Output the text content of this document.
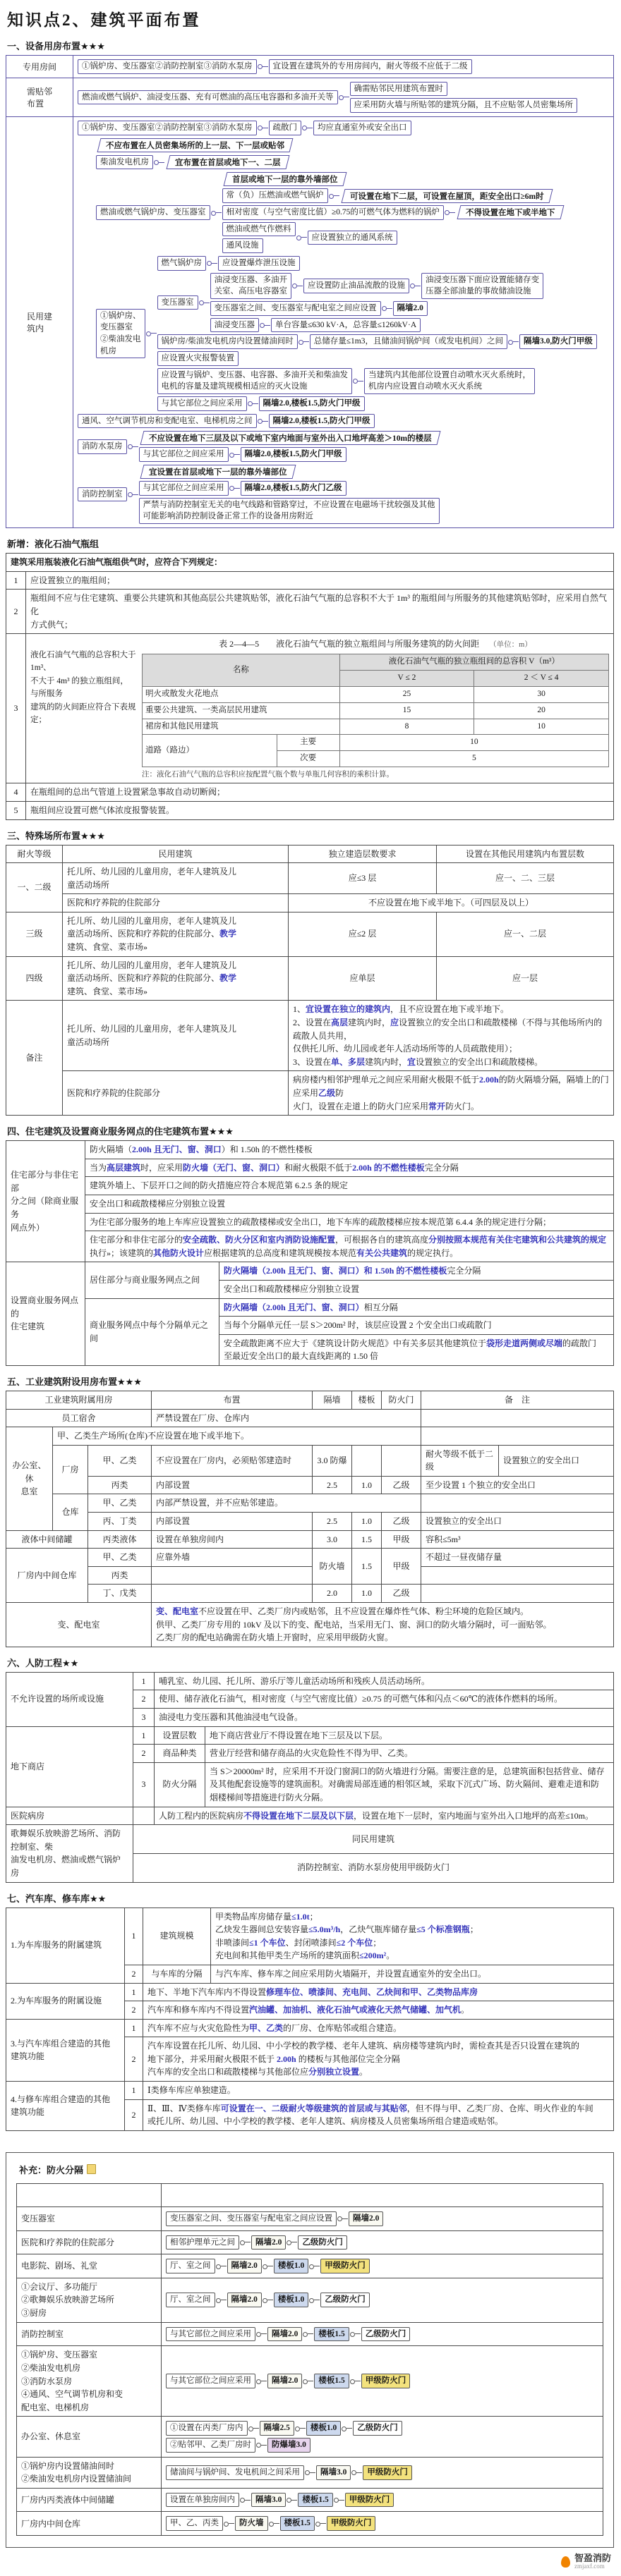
知识点2、建筑平面布置
一、设备用房布置★★★
专用房间	①锅炉房、变压器室②消防控制室③消防水泵房	宜设置在建筑外的专用房间内，耐火等级不应低于二级
需贴邻
布置
燃油或燃气锅炉、油浸变压器、充有可燃油的高压电容器和多油开关等
确需贴邻民用建筑布置时
应采用防火墙与所贴邻的建筑分隔，且不应贴邻人员密集场所
民用建
筑内
①锅炉房、变压器室②消防控制室③消防水泵房	疏散门	均应直通室外或安全出口
不应布置在人员密集场所的上一层、下一层或贴邻
柴油发电机房	宜布置在首层或地下一、二层
燃油或燃气锅炉房、变压器室
首层或地下一层的靠外墙部位
常（负）压燃油或燃气锅炉	可设置在地下二层，可设置在屋顶，距安全出口≥6m时
相对密度（与空气密度比值）≥0.75的可燃气体为燃料的锅炉	不得设置在地下或半地下
燃油或燃气作燃料
通风设施
应设置独立的通风系统
①锅炉房、
变压器室
②柴油发电
机房
燃气锅炉房	应设置爆炸泄压设施
变压器室
油浸变压器、多油开
关室、高压电容器室
应设置防止油品流散的设施
油浸变压器下面应设置能储存变
压器全部油量的事故储油设施
变压器室之间、变压器室与配电室之间应设置	隔墙2.0
油浸变压器	单台容量≤630 kV·A，总容量≤1260kV·A
锅炉房/柴油发电机房内设置储油间时	总储存量≤1m3，且储油间锅炉间（或发电机间）之间	隔墙3.0,防火门甲级
应设置火灾报警装置
应设置与锅炉、变压器、电容器、多油开关和柴油发
电机的容量及建筑规模相适应的灭火设施
当建筑内其他部位设置自动喷水灭火系统时，
机房内应设置自动喷水灭火系统
与其它部位之间应采用	隔墙2.0,楼板1.5,防火门甲级
通风、空气调节机房和变配电室、电梯机房之间	隔墙2.0,楼板1.5,防火门甲级
消防水泵房
不应设置在地下三层及以下或地下室内地面与室外出入口地坪高差＞10m的楼层
与其它部位之间应采用	隔墙2.0,楼板1.5,防火门甲级
消防控制室
宜设置在首层或地下一层的靠外墙部位
与其它部位之间应采用	隔墙2.0,楼板1.5,防火门乙级
严禁与消防控制室无关的电气线路和管路穿过，不应设置在电磁场干扰较强及其他
可能影响消防控制设备正常工作的设备用房附近
新增：液化石油气瓶组
建筑采用瓶装液化石油气瓶组供气时，应符合下列规定：
1	应设置独立的瓶组间；
2	瓶组间不应与住宅建筑、重要公共建筑和其他高层公共建筑贴邻，液化石油气气瓶的总容积不大于 1m³ 的瓶组间与所服务的其他建筑贴邻时，应采用自然气化
方式供气；
3	
液化石油气气瓶的总容积大于 1m³、
不大于 4m³ 的独立瓶组间，与所服务
建筑的防火间距应符合下表规定；
表 2—4—5　　液化石油气气瓶的独立瓶组间与所服务建筑的防火间距 （单位：m）
名称	液化石油气气瓶的独立瓶组间的总容积 V（m³）
V ≤ 2	2 ＜ V ≤ 4
明火或散发火花地点	25	30
重要公共建筑、一类高层民用建筑	15	20
裙房和其他民用建筑	8	10
道路（路边）	主要	10
次要	5
注：液化石油气气瓶的总容积应按配置气瓶个数与单瓶几何容积的乘积计算。

4	在瓶组间的总出气管道上设置紧急事故自动切断阀；
5	瓶组间应设置可燃气体浓度报警装置。
三、特殊场所布置★★★
耐火等级	民用建筑	独立建造层数要求	设置在其他民用建筑内布置层数
一、二级	托儿所、幼儿园的儿童用房，老年人建筑及儿
童活动场所	应≤3 层	应一、二、三层
	医院和疗养院的住院部分	不应设置在地下或半地下。（可四层及以上）	
三级	托儿所、幼儿园的儿童用房，老年人建筑及儿
童活动场所、医院和疗养院的住院部分、教学
建筑、食堂、菜市场»	应≤2 层	应一、二层
四级	托儿所、幼儿园的儿童用房，老年人建筑及儿
童活动场所、医院和疗养院的住院部分、教学
建筑、食堂、菜市场»	应单层	应一层
备注	托儿所、幼儿园的儿童用房，老年人建筑及儿
童活动场所	1、宜设置在独立的建筑内，且不应设置在地下或半地下。
2、设置在高层建筑内时，应设置独立的安全出口和疏散楼梯（不得与其他场所内的疏散人员共用，
仅供托儿所、幼儿园或老年人活动场所等的人员疏散使用）；
3、设置在单、多层建筑内时，宜设置独立的安全出口和疏散楼梯。	
	医院和疗养院的住院部分	病房楼内相邻护理单元之间应采用耐火极限不低于2.00h的防火隔墙分隔，隔墙上的门应采用乙级防
火门，设置在走道上的防火门应采用常开防火门。	
四、住宅建筑及设置商业服务网点的住宅建筑布置★★★
住宅部分与非住宅部
分之间（除商业服务
网点外）	防火隔墙（2.00h 且无门、窗、洞口）和 1.50h 的不燃性楼板	
	当为高层建筑时，应采用防火墙（无门、窗、洞口）和耐火极限不低于2.00h 的不燃性楼板完全分隔	
	建筑外墙上、下层开口之间的防火措施应符合本规范第 6.2.5 条的规定	
	安全出口和疏散楼梯应分别独立设置	
	为住宅部分服务的地上车库应设置独立的疏散楼梯或安全出口，地下车库的疏散楼梯应按本规范第 6.4.4 条的规定进行分隔；	
	住宅部分和非住宅部分的安全疏散、防火分区和室内消防设施配置，可根据各自的建筑高度分别按照本规范有关住宅建筑和公共建筑的规定
执行»；该建筑的其他防火设计应根据建筑的总高度和建筑规模按本规范有关公共建筑的规定执行。	
设置商业服务网点的
住宅建筑	居住部分与商业服务网点之间	防火隔墙（2.00h 且无门、窗、洞口）和 1.50h 的不燃性楼板完全分隔
		安全出口和疏散楼梯应分别独立设置
	商业服务网点中每个分隔单元之间	防火隔墙（2.00h 且无门、窗、洞口）相互分隔
		当每个分隔单元任一层 S＞200m² 时，该层应设置 2 个安全出口或疏散门
		安全疏散距离不应大于《建筑设计防火规范》中有关多层其他建筑位于袋形走道两侧或尽端的疏散门
至最近安全出口的最大直线距离的 1.50 倍
五、工业建筑附设用房布置★★★
工业建筑附属用房			布置	隔墙	楼板	防火门	备　注	
员工宿舍			严禁设置在厂房、仓库内					
办公室、休
息室	甲、乙类生产场所(仓库)不应设置在地下或半地下。							
	厂房	甲、乙类	不应设置在厂房内，必须贴邻建造时	3.0 防爆			耐火等级不低于二级	设置独立的安全出口
		丙类	内部设置	2.5	1.0	乙级	至少设置 1 个独立的安全出口	
	仓库	甲、乙类	内部严禁设置，并不应贴邻建造。					
		丙、丁类	内部设置	2.5	1.0	乙级	设置独立的安全出口	
液体中间储罐		丙类液体	设置在单独房间内	3.0	1.5	甲级	容积≤5m³	
厂房内中间仓库		甲、乙类	应靠外墙	防火墙	1.5	甲级	不超过一昼夜储存量	
		丙类						
		丁、戊类		2.0	1.0	乙级		
变、配电室			变、配电室不应设置在甲、乙类厂房内或贴邻，且不应设置在爆炸性气体、粉尘环境的危险区域内。
供甲、乙类厂房专用的 10kV 及以下的变、配电站，当采用无门、窗、洞口的防火墙分隔时，可一面贴邻。
乙类厂房的配电站确需在防火墙上开窗时，应采用甲级防火窗。					
六、人防工程★★
不允许设置的场所或设施	1	哺乳室、幼儿园、托儿所、游乐厅等儿童活动场所和残疾人员活动场所。	
	2	使用、储存液化石油气，相对密度（与空气密度比值）≥0.75 的可燃气体和闪点＜60℃的液体作燃料的场所。	
	3	油浸电力变压器和其他油浸电气设备。	
地下商店	1	设置层数	地下商店营业厅不得设置在地下三层及以下层。
	2	商品种类	营业厅经营和储存商品的火灾危险性不得为甲、乙类。
	3	防火分隔	当 S＞20000m² 时，应采用不开设门窗洞口的防火墙进行分隔。需要注意的是，总建筑面积包括营业、储存
及其他配套设施等的建筑面积。对确需局部连通的相邻区域，采取下沉式广场、防火隔间、避难走道和防
烟楼梯间等措施进行防火分隔。
医院病房		人防工程内的医院病房不得设置在地下二层及以下层，设置在地下一层时，室内地面与室外出入口地坪的高差≤10m。	
歌舞娱乐放映游艺场所、消防控制室、柴
油发电机房、燃油或燃气锅炉房	同民用建筑		
	消防控制室、消防水泵房使用甲级防火门		
七、汽车库、修车库★★
1.为车库服务的附属建筑	1	建筑规模	甲类物品库房储存量≤1.0t；
乙炔发生器间总安装容量≤5.0m³/h，乙炔气瓶库储存量≤5 个标准钢瓶；
非喷漆间≤1 个车位、封闭喷漆间≤2 个车位；
充电间和其他甲类生产场所的建筑面积≤200m²。
	2	与车库的分隔	与汽车库、修车库之间应采用防火墙隔开，并设置直通室外的安全出口。
2.为车库服务的附属设施	1	地下、半地下汽车库内不得设置修理车位、喷漆间、充电间、乙炔间和甲、乙类物品库房	
	2	汽车库和修车库内不得设置汽油罐、加油机、液化石油气或液化天然气储罐、加气机。	
3.与汽车库组合建造的其他
建筑功能	1	汽车库不应与火灾危险性为甲、乙类的厂房、仓库贴邻或组合建造。	
	2	汽车库设置在托儿所、幼儿园、中小学校的教学楼、老年人建筑、病房楼等建筑内时，需检查其是否只设置在建筑的
地下部分，并采用耐火极限不低于 2.00h 的楼板与其他部位完全分隔
汽车库的安全出口和疏散楼梯与其他部位应分别独立设置。	
4.与修车库组合建造的其他
建筑功能	1	Ⅰ类修车库应单独建造。	
	2	Ⅱ、Ⅲ、Ⅳ类修车库可设置在一、二级耐火等级建筑的首层或与其贴邻，但不得与甲、乙类厂房、仓库、明火作业的车间
或托儿所、幼儿园、中小学校的教学楼、老年人建筑、病房楼及人员密集场所组合建造或贴邻。	
补充：防火分隔

变压器室	变压器室之间、变压器室与配电室之间应设置 隔墙2.0

医院和疗养院的住院部分	相邻护理单元之间 隔墙2.0 乙级防火门

电影院、剧场、礼堂	厅、室之间 隔墙2.0 楼板1.0 甲级防火门

①会议厅、多功能厅
②歌舞娱乐放映游艺场所
③厨房	厅、室之间 隔墙2.0 楼板1.0 乙级防火门

消防控制室	与其它部位之间应采用 隔墙2.0 楼板1.5 乙级防火门

①锅炉房、变压器室
②柴油发电机房
③消防水泵房
④通风、空气调节机房和变
配电室、电梯机房	与其它部位之间应采用 隔墙2.0 楼板1.5 甲级防火门

办公室、休息室	
①设置在丙类厂房内	隔墙2.5	楼板1.0	乙级防火门
②贴邻甲、乙类厂房时	防爆墙3.0

①锅炉房内设置储油间时
②柴油发电机房内设置储油间	储油间与锅炉间、发电机间之间采用 隔墙3.0 甲级防火门

厂房内丙类液体中间储罐	设置在单独房间内 隔墙3.0 楼板1.5 甲级防火门

厂房内中间仓库	甲、乙、丙类 防火墙 楼板1.5 甲级防火门
智盈消防
zmjaxf.com
